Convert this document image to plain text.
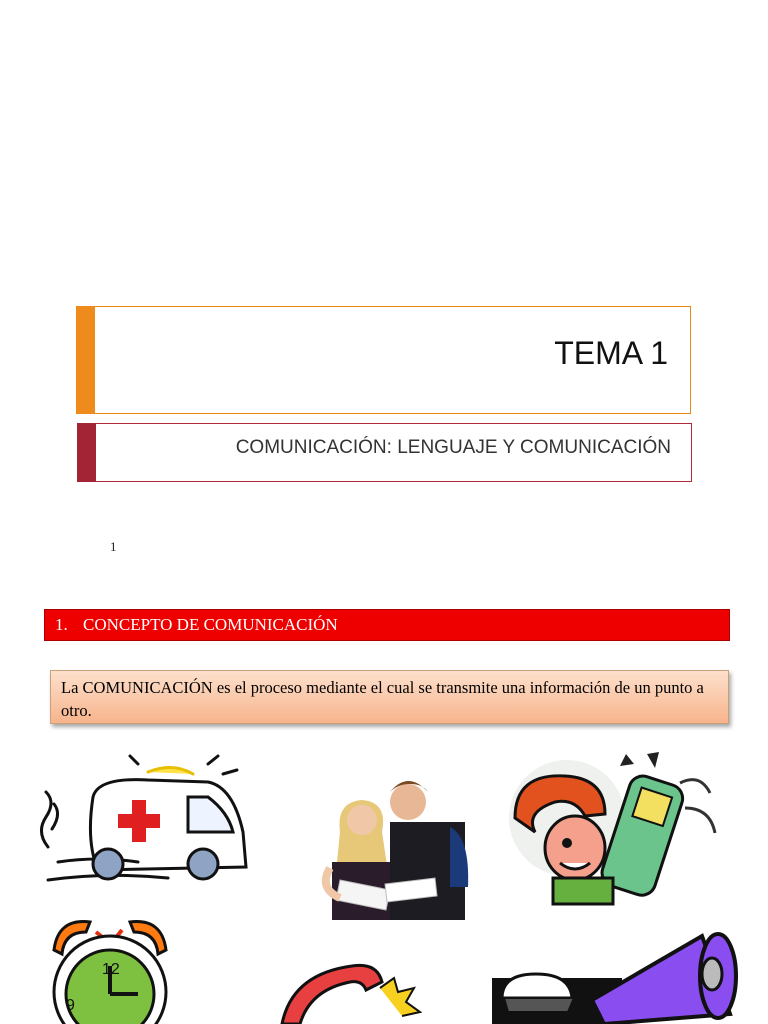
TEMA 1
COMUNICACIÓN: LENGUAJE Y COMUNICACIÓN
1
1. CONCEPTO DE COMUNICACIÓN
La COMUNICACIÓN es el proceso mediante el cual se transmite una información de un punto a otro.
12
9
